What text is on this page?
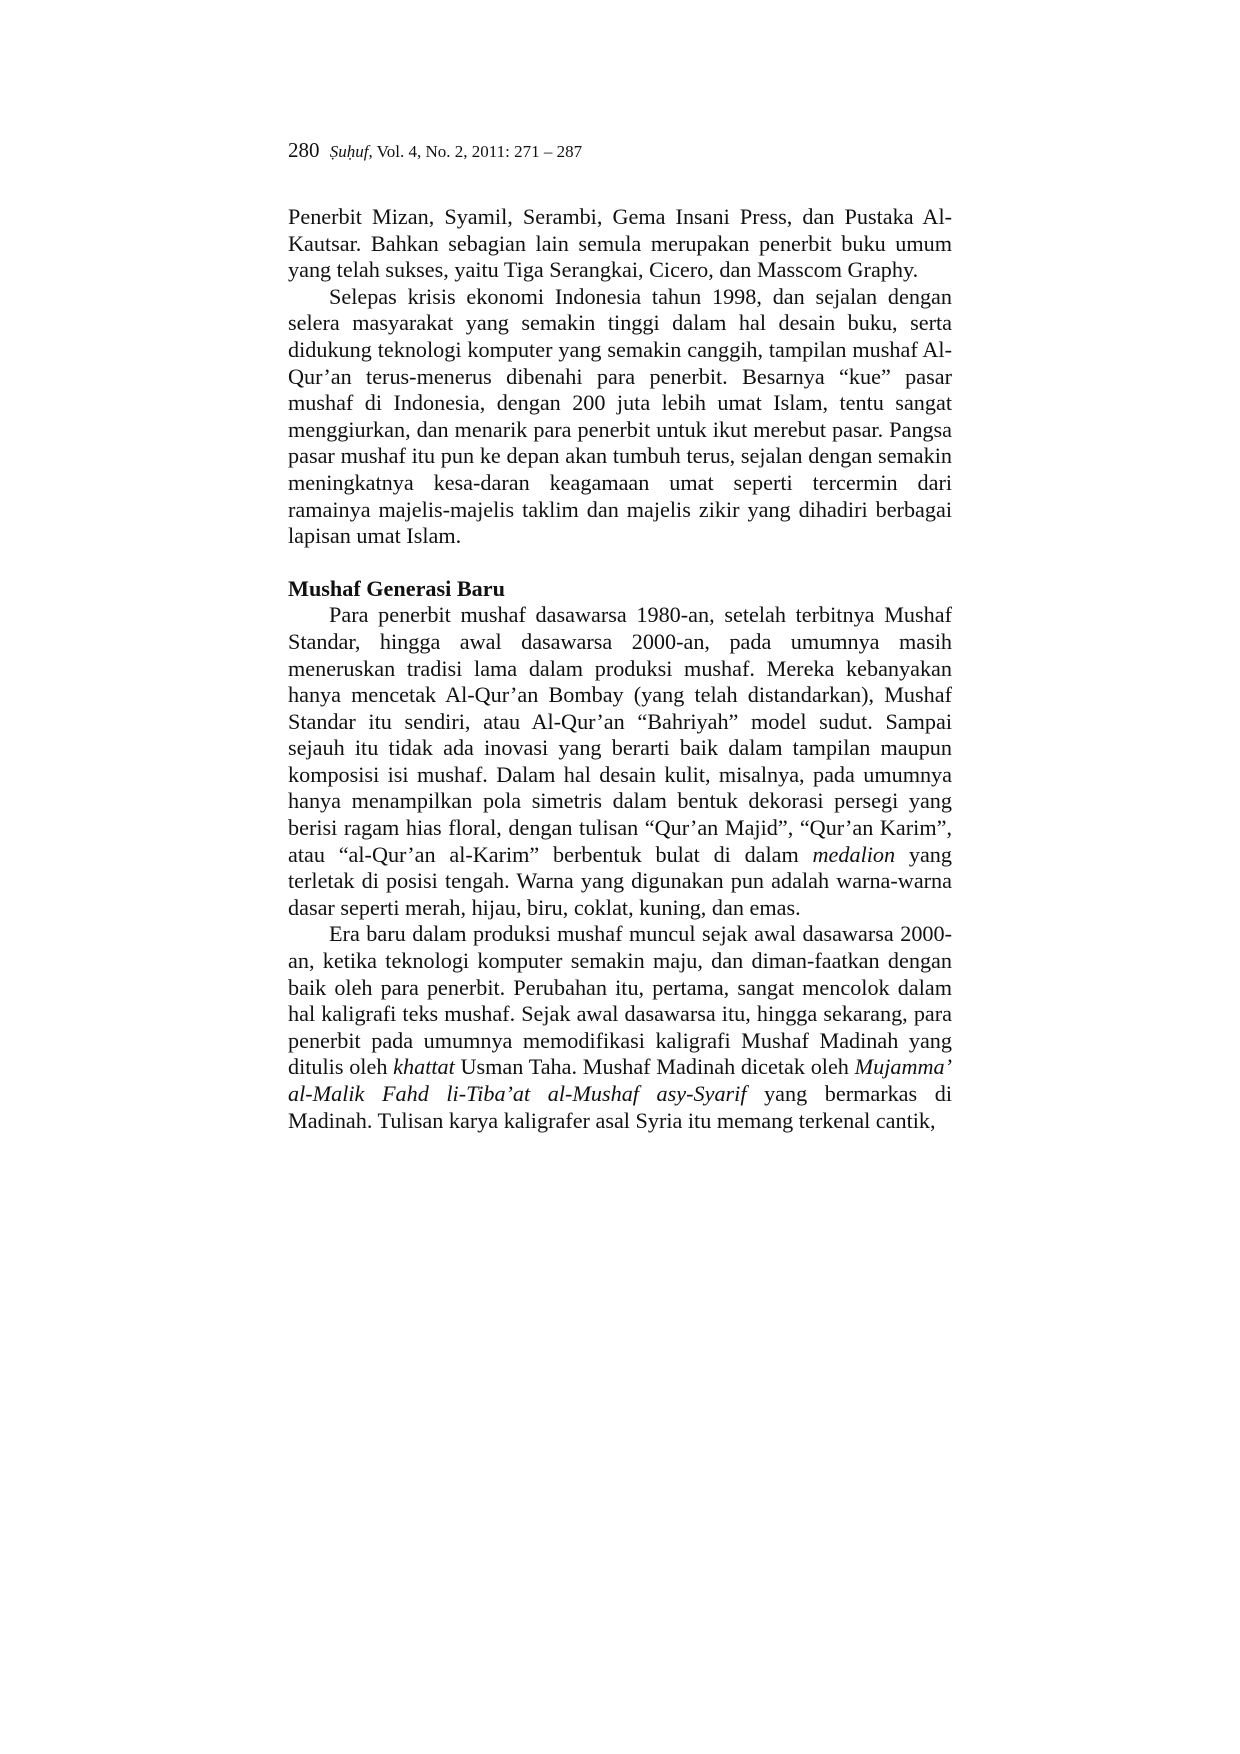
280 Ṣuḥuf, Vol. 4, No. 2, 2011: 271 – 287

Penerbit Mizan, Syamil, Serambi, Gema Insani Press, dan Pustaka Al-Kautsar. Bahkan sebagian lain semula merupakan penerbit buku umum yang telah sukses, yaitu Tiga Serangkai, Cicero, dan Masscom Graphy.

Selepas krisis ekonomi Indonesia tahun 1998, dan sejalan dengan selera masyarakat yang semakin tinggi dalam hal desain buku, serta didukung teknologi komputer yang semakin canggih, tampilan mushaf Al-Qur’an terus-menerus dibenahi para penerbit. Besarnya “kue” pasar mushaf di Indonesia, dengan 200 juta lebih umat Islam, tentu sangat menggiurkan, dan menarik para penerbit untuk ikut merebut pasar. Pangsa pasar mushaf itu pun ke depan akan tumbuh terus, sejalan dengan semakin meningkatnya kesa-daran keagamaan umat seperti tercermin dari ramainya majelis-majelis taklim dan majelis zikir yang dihadiri berbagai lapisan umat Islam.

Mushaf Generasi Baru

Para penerbit mushaf dasawarsa 1980-an, setelah terbitnya Mushaf Standar, hingga awal dasawarsa 2000-an, pada umumnya masih meneruskan tradisi lama dalam produksi mushaf. Mereka kebanyakan hanya mencetak Al-Qur’an Bombay (yang telah distandarkan), Mushaf Standar itu sendiri, atau Al-Qur’an “Bahriyah” model sudut. Sampai sejauh itu tidak ada inovasi yang berarti baik dalam tampilan maupun komposisi isi mushaf. Dalam hal desain kulit, misalnya, pada umumnya hanya menampilkan pola simetris dalam bentuk dekorasi persegi yang berisi ragam hias floral, dengan tulisan “Qur’an Majid”, “Qur’an Karim”, atau “al-Qur’an al-Karim” berbentuk bulat di dalam medalion yang terletak di posisi tengah. Warna yang digunakan pun adalah warna-warna dasar seperti merah, hijau, biru, coklat, kuning, dan emas.

Era baru dalam produksi mushaf muncul sejak awal dasawarsa 2000-an, ketika teknologi komputer semakin maju, dan diman-faatkan dengan baik oleh para penerbit. Perubahan itu, pertama, sangat mencolok dalam hal kaligrafi teks mushaf. Sejak awal dasawarsa itu, hingga sekarang, para penerbit pada umumnya memodifikasi kaligrafi Mushaf Madinah yang ditulis oleh khattat Usman Taha. Mushaf Madinah dicetak oleh Mujamma’ al-Malik Fahd li-Tiba’at al-Mushaf asy-Syarif yang bermarkas di Madinah. Tulisan karya kaligrafer asal Syria itu memang terkenal cantik,
